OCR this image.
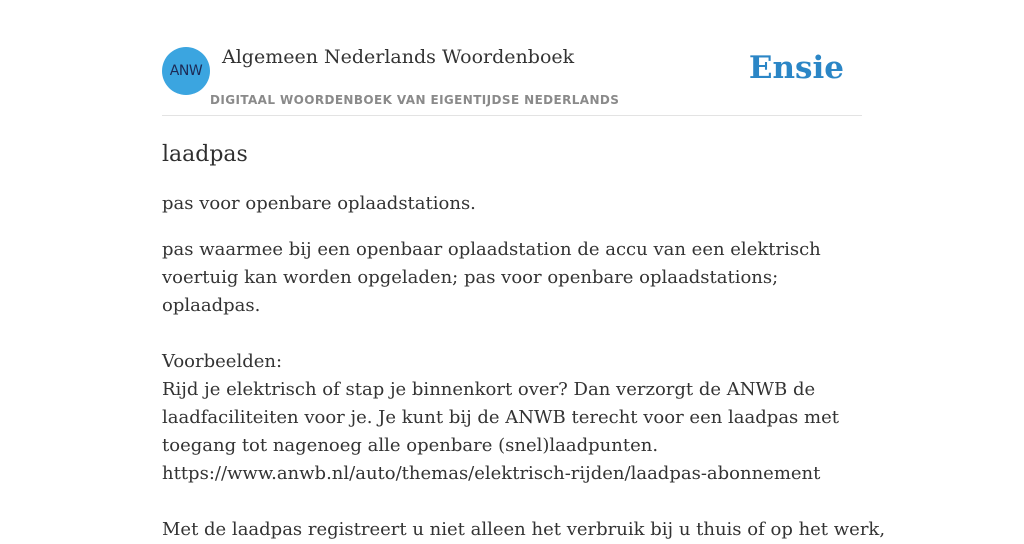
ANW
Algemeen Nederlands Woordenboek
DIGITAAL WOORDENBOEK VAN EIGENTIJDSE NEDERLANDS
Ensie
laadpas

pas voor openbare oplaadstations.

pas waarmee bij een openbaar oplaadstation de accu van een elektrisch voertuig kan worden opgeladen; pas voor openbare oplaadstations; oplaadpas.

Voorbeelden:
Rijd je elektrisch of stap je binnenkort over? Dan verzorgt de ANWB de
laadfaciliteiten voor je. Je kunt bij de ANWB terecht voor een laadpas met
toegang tot nagenoeg alle openbare (snel)laadpunten.
https://www.anwb.nl/auto/themas/elektrisch-rijden/laadpas-abonnement
Met de laadpas registreert u niet alleen het verbruik bij u thuis of op het werk,
